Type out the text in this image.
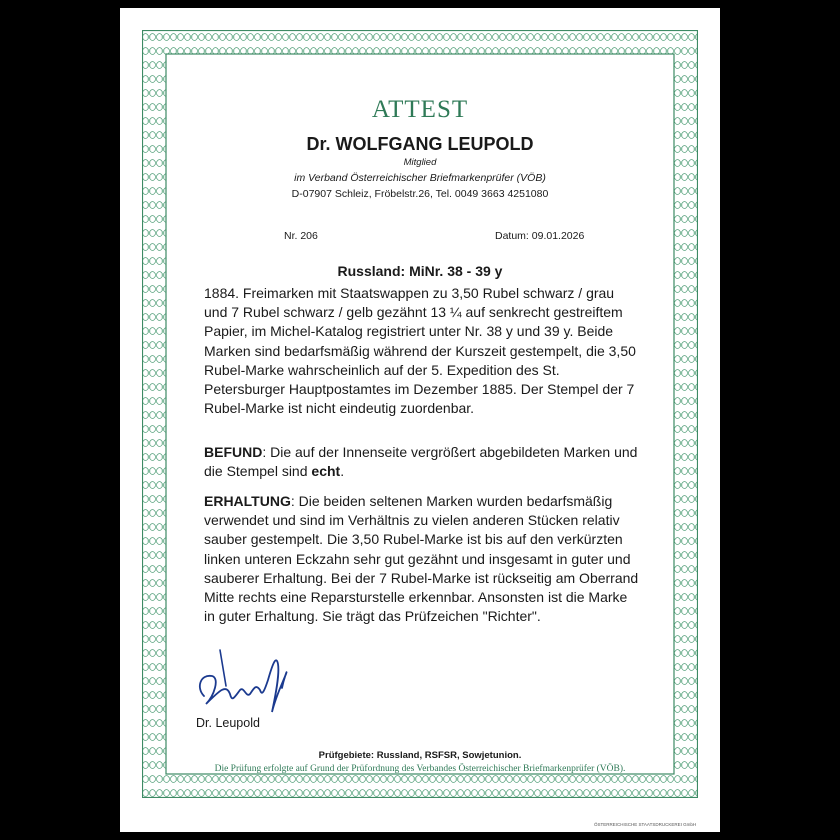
ATTEST
Dr. WOLFGANG LEUPOLD
Mitglied
im Verband Österreichischer Briefmarkenprüfer (VÖB)
D-07907 Schleiz, Fröbelstr.26, Tel. 0049 3663 4251080
Nr. 206	Datum: 09.01.2026
Russland: MiNr. 38 - 39 y

1884. Freimarken mit Staatswappen zu 3,50 Rubel schwarz / grau und 7 Rubel schwarz / gelb gezähnt 13 ¼ auf senkrecht gestreiftem Papier, im Michel-Katalog registriert unter Nr. 38 y und 39 y. Beide Marken sind bedarfsmäßig während der Kurszeit gestempelt, die 3,50 Rubel-Marke wahrscheinlich auf der 5. Expedition des St. Petersburger Hauptpostamtes im Dezember 1885. Der Stempel der 7 Rubel-Marke ist nicht eindeutig zuordenbar.

BEFUND: Die auf der Innenseite vergrößert abgebildeten Marken und die Stempel sind echt.

ERHALTUNG: Die beiden seltenen Marken wurden bedarfsmäßig verwendet und sind im Verhältnis zu vielen anderen Stücken relativ sauber gestempelt. Die 3,50 Rubel-Marke ist bis auf den verkürzten linken unteren Eckzahn sehr gut gezähnt und insgesamt in guter und sauberer Erhaltung. Bei der 7 Rubel-Marke ist rückseitig am Oberrand Mitte rechts eine Reparsturstelle erkennbar. Ansonsten ist die Marke in guter Erhaltung. Sie trägt das Prüfzeichen "Richter".

Dr. Leupold
Prüfgebiete: Russland, RSFSR, Sowjetunion.
Die Prüfung erfolgte auf Grund der Prüfordnung des Verbandes Österreichischer Briefmarkenprüfer (VÖB).
ÖSTERREICHISCHE STAATSDRUCKEREI GmbH
